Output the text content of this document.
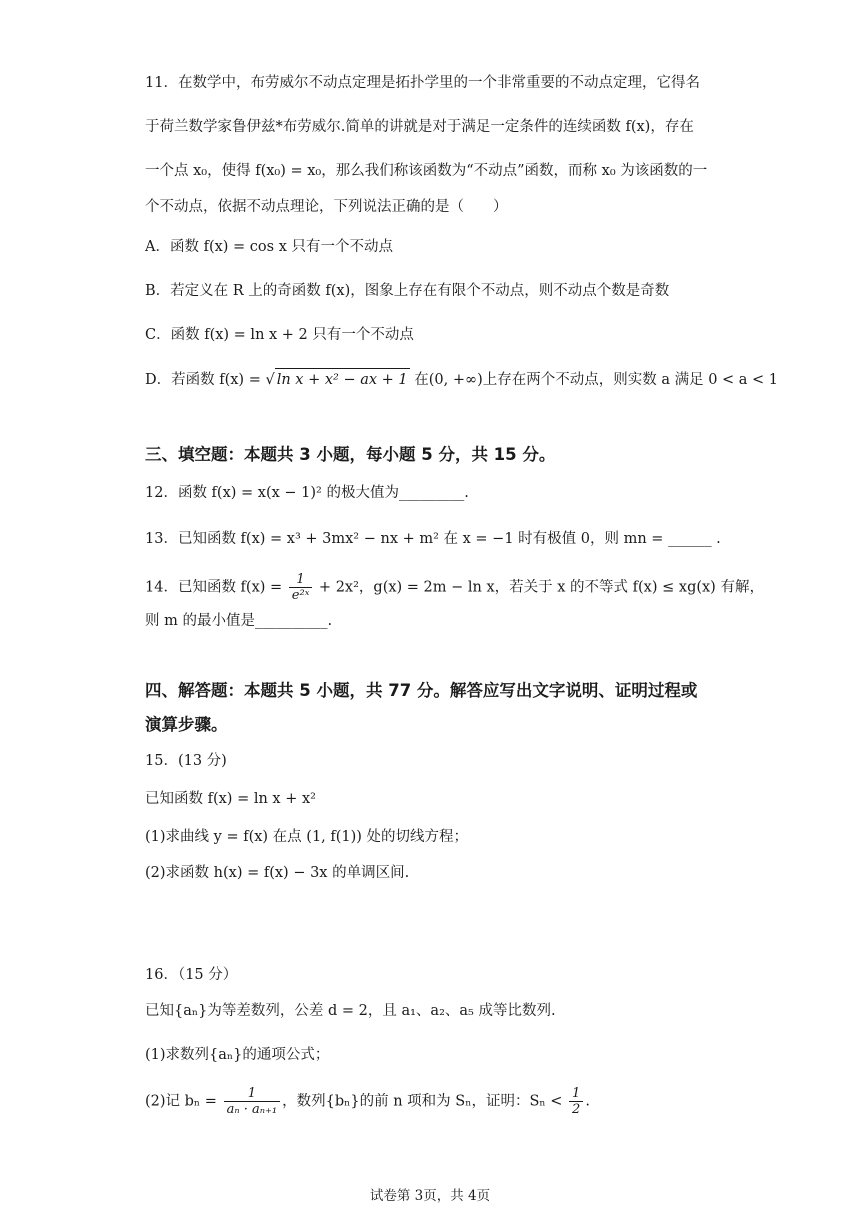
11．在数学中，布劳威尔不动点定理是拓扑学里的一个非常重要的不动点定理，它得名
于荷兰数学家鲁伊兹*布劳威尔.简单的讲就是对于满足一定条件的连续函数 f(x)，存在
一个点 x₀，使得 f(x₀) = x₀，那么我们称该函数为“不动点”函数，而称 x₀ 为该函数的一
个不动点，依据不动点理论，下列说法正确的是（　　）
A．函数 f(x) = cos x 只有一个不动点
B．若定义在 R 上的奇函数 f(x)，图象上存在有限个不动点，则不动点个数是奇数
C．函数 f(x) = ln x + 2 只有一个不动点
D．若函数 f(x) = √ ln x + x² − ax + 1 在(0, +∞)上存在两个不动点，则实数 a 满足 0 < a < 1
三、填空题：本题共 3 小题，每小题 5 分，共 15 分。
12．函数 f(x) = x(x − 1)² 的极大值为_________.
13．已知函数 f(x) = x³ + 3mx² − nx + m² 在 x = −1 时有极值 0，则 mn = ______ .
14．已知函数 $f(x) = \frac{1}{\text{e²ˣ}} + 2x^2$，g(x) = 2m − ln x，若关于 x 的不等式 f(x) ≤ xg(x) 有解，
则 m 的最小值是__________.
四、解答题：本题共 5 小题，共 77 分。解答应写出文字说明、证明过程或
演算步骤。
15．(13 分)
已知函数 f(x) = ln x + x²
(1)求曲线 y = f(x) 在点 (1, f(1)) 处的切线方程；
(2)求函数 h(x) = f(x) − 3x 的单调区间.
16．（15 分）
已知{aₙ}为等差数列，公差 d = 2，且 a₁、a₂、a₅ 成等比数列.
(1)求数列{aₙ}的通项公式；
(2)记 $b_n = \frac{1}{\text{aₙ · aₙ₊₁}}$ ，数列{bₙ}的前 n 项和为 Sₙ，证明：$S_n < \frac{1}{2}$ .
试卷第 3页，共 4页
